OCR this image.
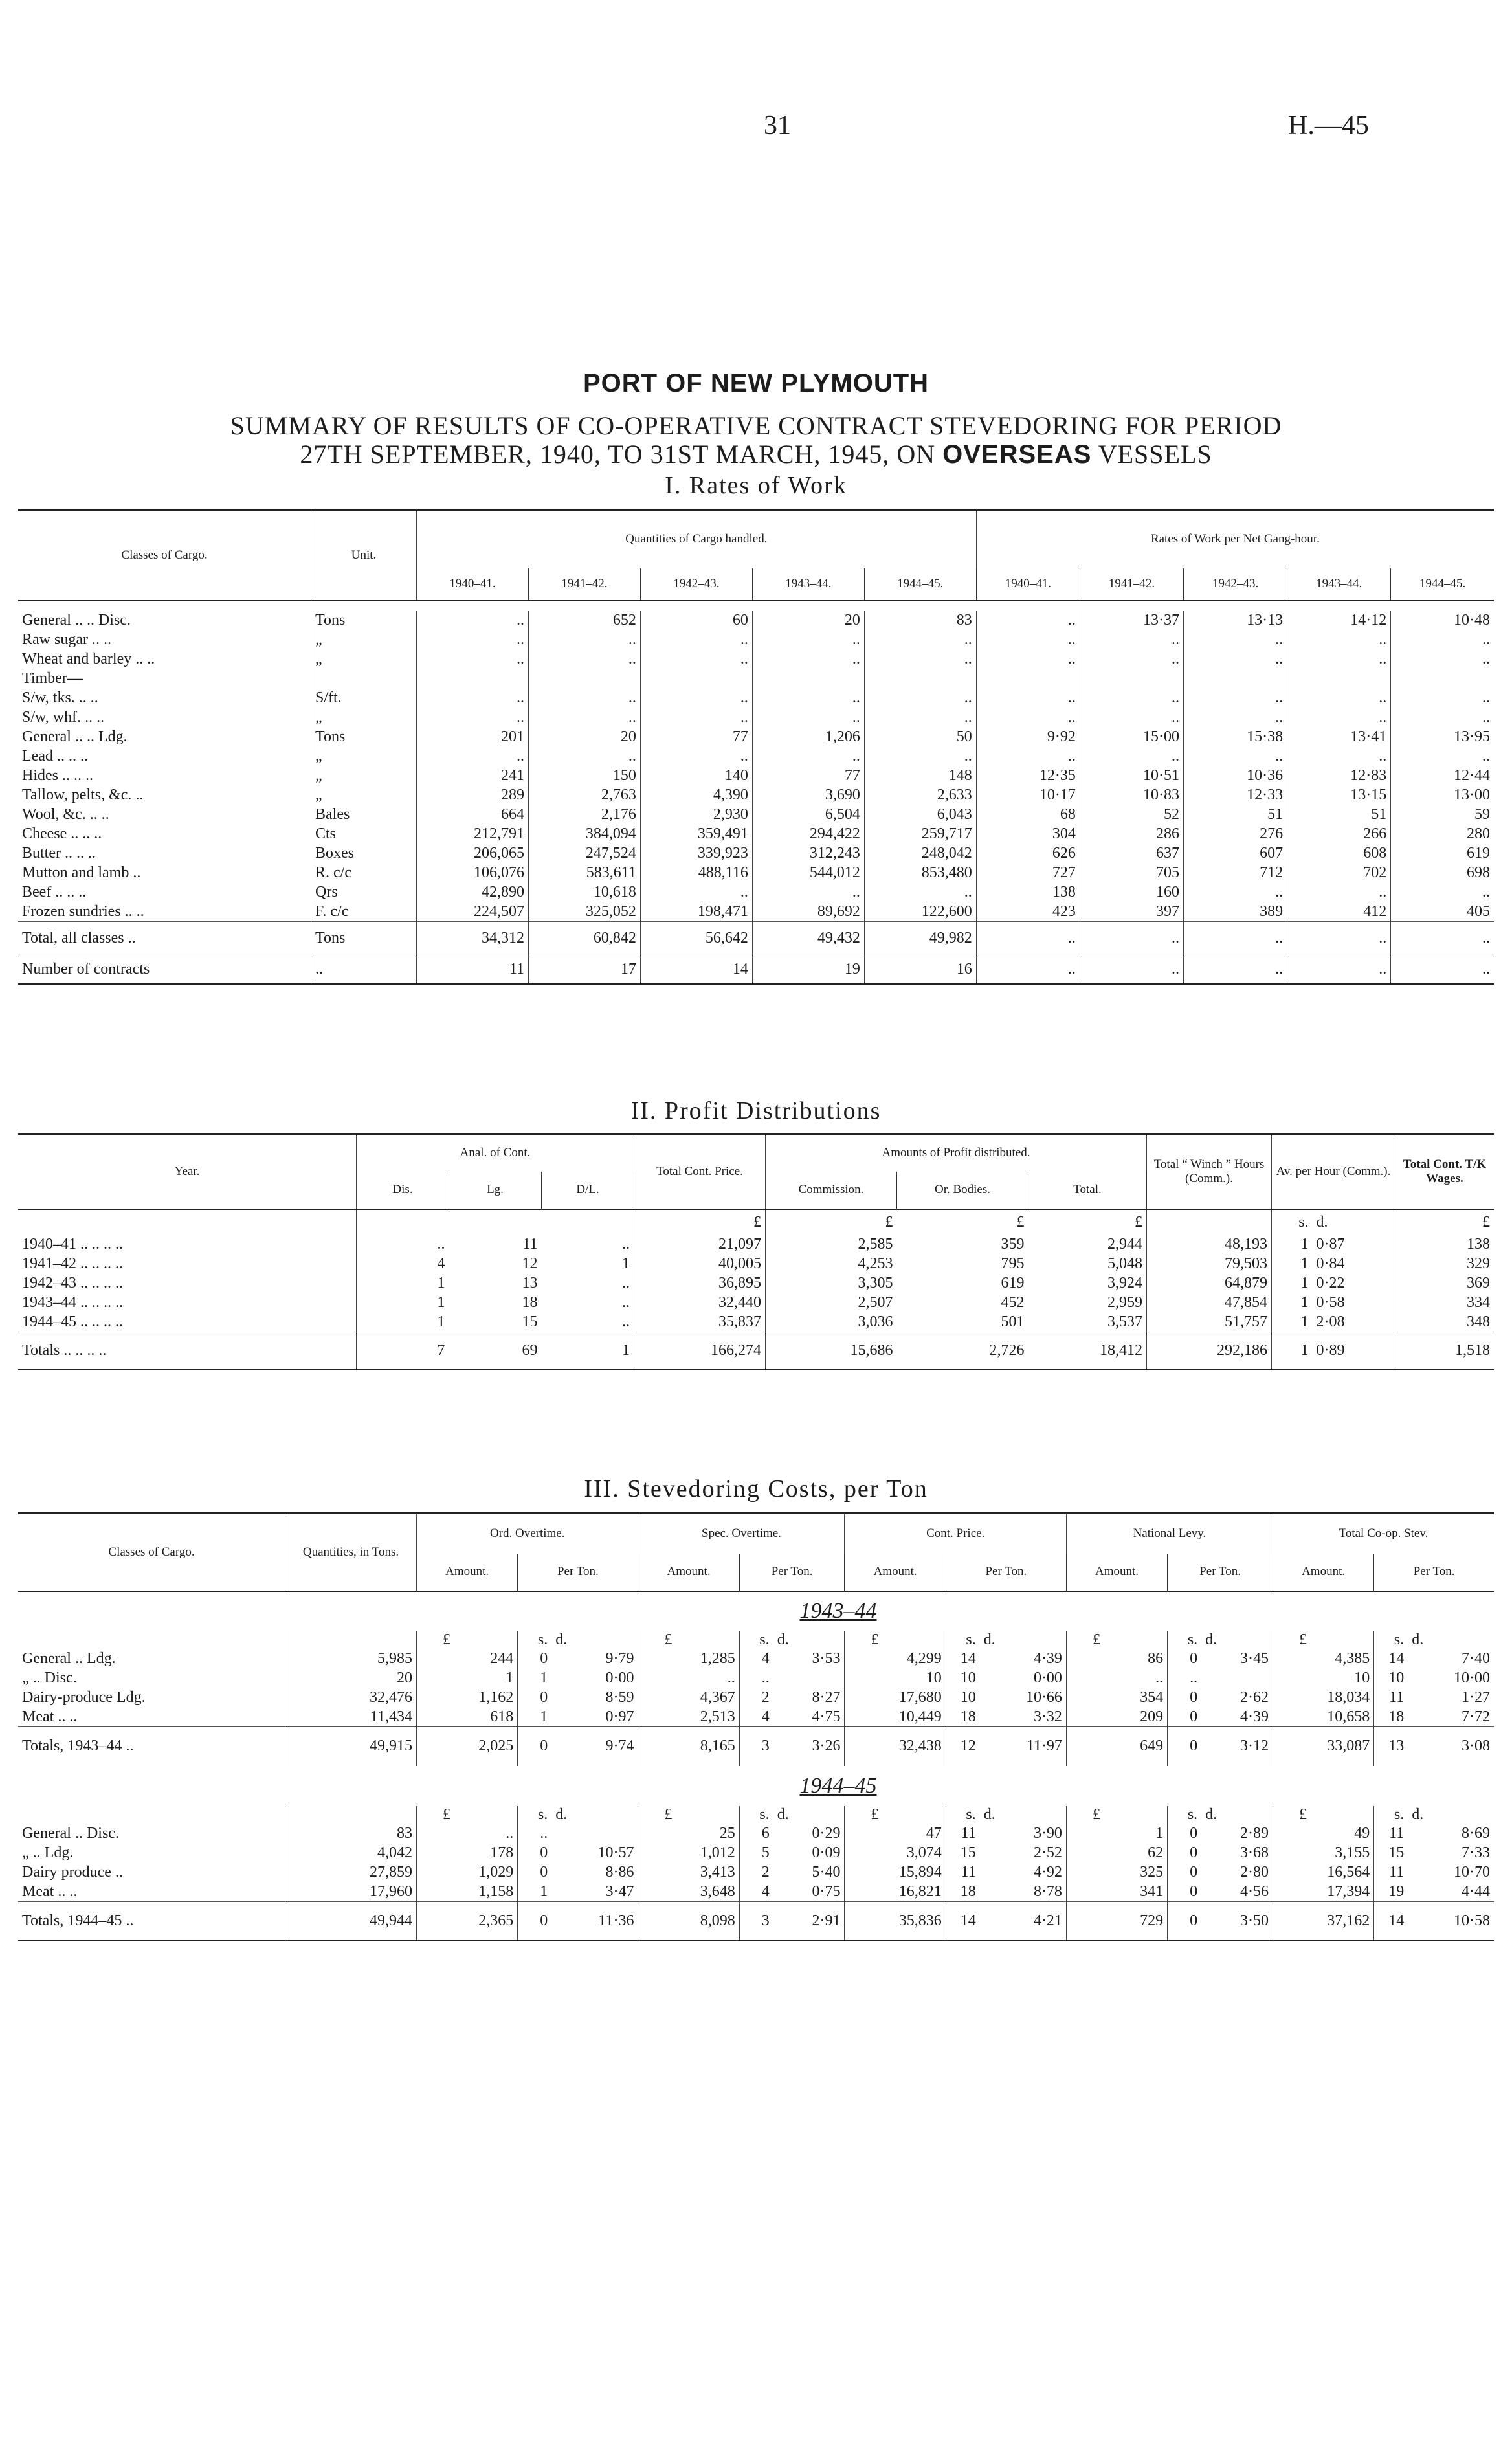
31	H.—45
PORT OF NEW PLYMOUTH
SUMMARY OF RESULTS OF CO-OPERATIVE CONTRACT STEVEDORING FOR PERIOD
27TH SEPTEMBER, 1940, TO 31ST MARCH, 1945, ON OVERSEAS VESSELS
I. Rates of Work
Classes of Cargo.	Unit.	Quantities of Cargo handled.					Rates of Work per Net Gang-hour.				
		1940–41.	1941–42.	1942–43.	1943–44.	1944–45.	1940–41.	1941–42.	1942–43.	1943–44.	1944–45.

General .. .. Disc.	Tons	..	652	60	20	83	..	13·37	13·13	14·12	10·48
Raw sugar .. ..	„	..	..	..	..	..	..	..	..	..	..
Wheat and barley .. ..	„	..	..	..	..	..	..	..	..	..	..
Timber—											
S/w, tks. .. ..	S/ft.	..	..	..	..	..	..	..	..	..	..
S/w, whf. .. ..	„	..	..	..	..	..	..	..	..	..	..
General .. .. Ldg.	Tons	201	20	77	1,206	50	9·92	15·00	15·38	13·41	13·95
Lead .. .. ..	„	..	..	..	..	..	..	..	..	..	..
Hides .. .. ..	„	241	150	140	77	148	12·35	10·51	10·36	12·83	12·44
Tallow, pelts, &c. ..	„	289	2,763	4,390	3,690	2,633	10·17	10·83	12·33	13·15	13·00
Wool, &c. .. ..	Bales	664	2,176	2,930	6,504	6,043	68	52	51	51	59
Cheese .. .. ..	Cts	212,791	384,094	359,491	294,422	259,717	304	286	276	266	280
Butter .. .. ..	Boxes	206,065	247,524	339,923	312,243	248,042	626	637	607	608	619
Mutton and lamb ..	R. c/c	106,076	583,611	488,116	544,012	853,480	727	705	712	702	698
Beef .. .. ..	Qrs	42,890	10,618	..	..	..	138	160	..	..	..
Frozen sundries .. ..	F. c/c	224,507	325,052	198,471	89,692	122,600	423	397	389	412	405
Total, all classes ..	Tons	34,312	60,842	56,642	49,432	49,982	..	..	..	..	..
Number of contracts	..	11	17	14	19	16	..	..	..	..	..
II. Profit Distributions
Year.	Anal. of Cont.			Total Cont. Price.	Amounts of Profit distributed.			Total “ Winch ” Hours (Comm.).	Av. per Hour (Comm.).		Total Cont. T/K Wages.
	Dis.	Lg.	D/L.		Commission.	Or. Bodies.	Total.				
				£	£	£	£		s.	d.	£
1940–41 .. .. .. ..	..	11	..	21,097	2,585	359	2,944	48,193	1	0·87	138
1941–42 .. .. .. ..	4	12	1	40,005	4,253	795	5,048	79,503	1	0·84	329
1942–43 .. .. .. ..	1	13	..	36,895	3,305	619	3,924	64,879	1	0·22	369
1943–44 .. .. .. ..	1	18	..	32,440	2,507	452	2,959	47,854	1	0·58	334
1944–45 .. .. .. ..	1	15	..	35,837	3,036	501	3,537	51,757	1	2·08	348
Totals .. .. .. ..	7	69	1	166,274	15,686	2,726	18,412	292,186	1	0·89	1,518
III. Stevedoring Costs, per Ton
Classes of Cargo.	Quantities, in Tons.	Ord. Overtime.			Spec. Overtime.			Cont. Price.			National Levy.			Total Co-op. Stev.		
		Amount.	Per Ton.		Amount.	Per Ton.		Amount.	Per Ton.		Amount.	Per Ton.		Amount.	Per Ton.	
1943–44																
		£	s.	d.	£	s.	d.	£	s.	d.	£	s.	d.	£	s.	d.
General .. Ldg.	5,985	244	0	9·79	1,285	4	3·53	4,299	14	4·39	86	0	3·45	4,385	14	7·40
„ .. Disc.	20	1	1	0·00	..	..		10	10	0·00	..	..		10	10	10·00
Dairy-produce Ldg.	32,476	1,162	0	8·59	4,367	2	8·27	17,680	10	10·66	354	0	2·62	18,034	11	1·27
Meat .. ..	11,434	618	1	0·97	2,513	4	4·75	10,449	18	3·32	209	0	4·39	10,658	18	7·72
Totals, 1943–44 ..	49,915	2,025	0	9·74	8,165	3	3·26	32,438	12	11·97	649	0	3·12	33,087	13	3·08
1944–45																
		£	s.	d.	£	s.	d.	£	s.	d.	£	s.	d.	£	s.	d.
General .. Disc.	83	..	..		25	6	0·29	47	11	3·90	1	0	2·89	49	11	8·69
„ .. Ldg.	4,042	178	0	10·57	1,012	5	0·09	3,074	15	2·52	62	0	3·68	3,155	15	7·33
Dairy produce ..	27,859	1,029	0	8·86	3,413	2	5·40	15,894	11	4·92	325	0	2·80	16,564	11	10·70
Meat .. ..	17,960	1,158	1	3·47	3,648	4	0·75	16,821	18	8·78	341	0	4·56	17,394	19	4·44
Totals, 1944–45 ..	49,944	2,365	0	11·36	8,098	3	2·91	35,836	14	4·21	729	0	3·50	37,162	14	10·58
